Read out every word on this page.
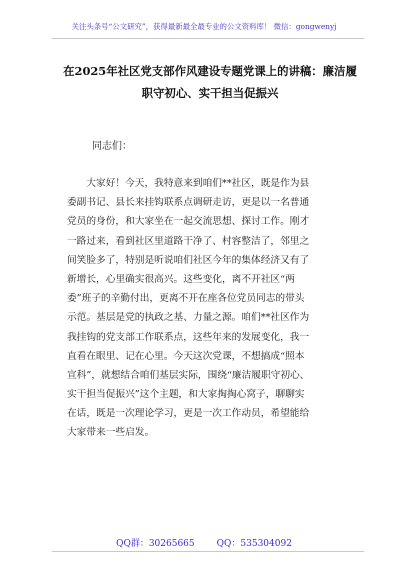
关注头条号“公文研究”，获得最新最全最专业的公文资料库！ 微信：gongwenyj
在2025年社区党支部作风建设专题党课上的讲稿：廉洁履
职守初心、实干担当促振兴
同志们：
　　大家好！今天，我特意来到咱们**社区，既是作为县
委副书记、县长来挂钩联系点调研走访，更是以一名普通
党员的身份，和大家坐在一起交流思想、探讨工作。刚才
一路过来，看到社区里道路干净了、村容整洁了，邻里之
间笑脸多了，特别是听说咱们社区今年的集体经济又有了
新增长，心里确实很高兴。这些变化，离不开社区“两
委”班子的辛勤付出，更离不开在座各位党员同志的带头
示范。基层是党的执政之基、力量之源。咱们**社区作为
我挂钩的党支部工作联系点，这些年来的发展变化，我一
直看在眼里、记在心里。今天这次党课，不想搞成“照本
宣科”，就想结合咱们基层实际，围绕“廉洁履职守初心、
实干担当促振兴”这个主题，和大家掏掏心窝子，聊聊实
在话，既是一次理论学习，更是一次工作动员，希望能给
大家带来一些启发。
QQ群：30265665 QQ：535304092
